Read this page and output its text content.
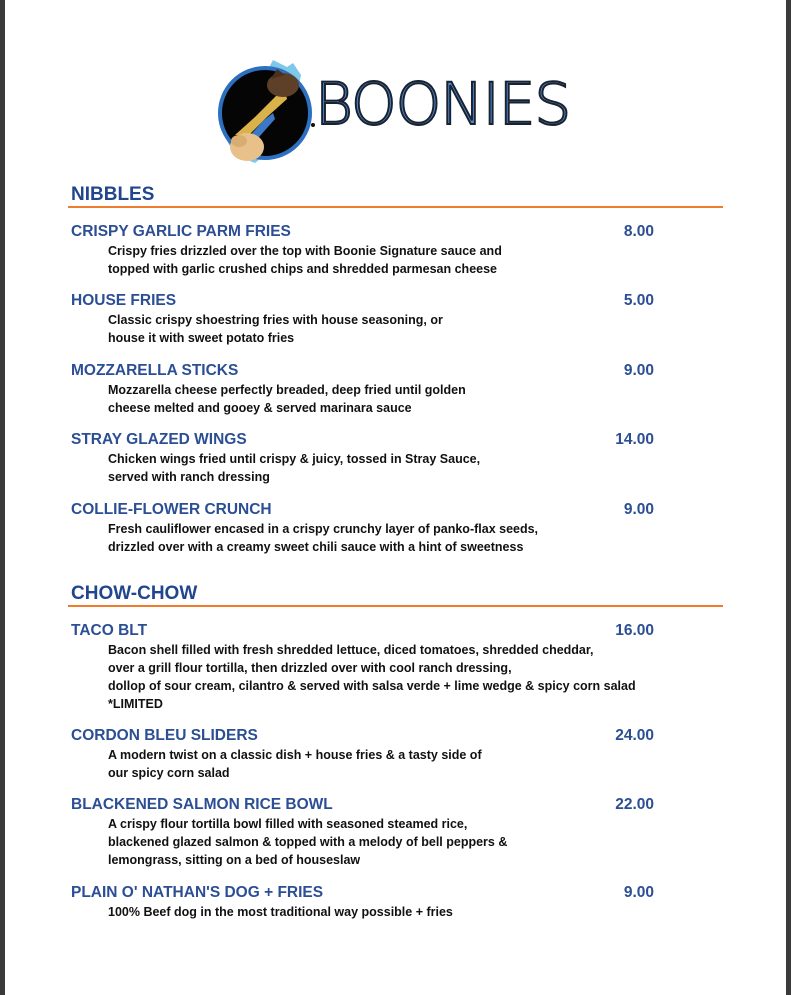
BOONIES
NIBBLES
CRISPY GARLIC PARM FRIES	8.00
Crispy fries drizzled over the top with Boonie Signature sauce and
topped with garlic crushed chips and shredded parmesan cheese
HOUSE FRIES	5.00
Classic crispy shoestring fries with house seasoning, or
house it with sweet potato fries
MOZZARELLA STICKS	9.00
Mozzarella cheese perfectly breaded, deep fried until golden
cheese melted and gooey & served marinara sauce
STRAY GLAZED WINGS	14.00
Chicken wings fried until crispy & juicy, tossed in Stray Sauce,
served with ranch dressing
COLLIE-FLOWER CRUNCH	9.00
Fresh cauliflower encased in a crispy crunchy layer of panko-flax seeds,
drizzled over with a creamy sweet chili sauce with a hint of sweetness
CHOW-CHOW
TACO BLT	16.00
Bacon shell filled with fresh shredded lettuce, diced tomatoes, shredded cheddar,
over a grill flour tortilla, then drizzled over with cool ranch dressing,
dollop of sour cream, cilantro & served with salsa verde + lime wedge & spicy corn salad
*LIMITED
CORDON BLEU SLIDERS	24.00
A modern twist on a classic dish + house fries & a tasty side of
our spicy corn salad
BLACKENED SALMON RICE BOWL	22.00
A crispy flour tortilla bowl filled with seasoned steamed rice,
blackened glazed salmon & topped with a melody of bell peppers &
lemongrass, sitting on a bed of houseslaw
PLAIN O' NATHAN'S DOG + FRIES	9.00
100% Beef dog in the most traditional way possible + fries
